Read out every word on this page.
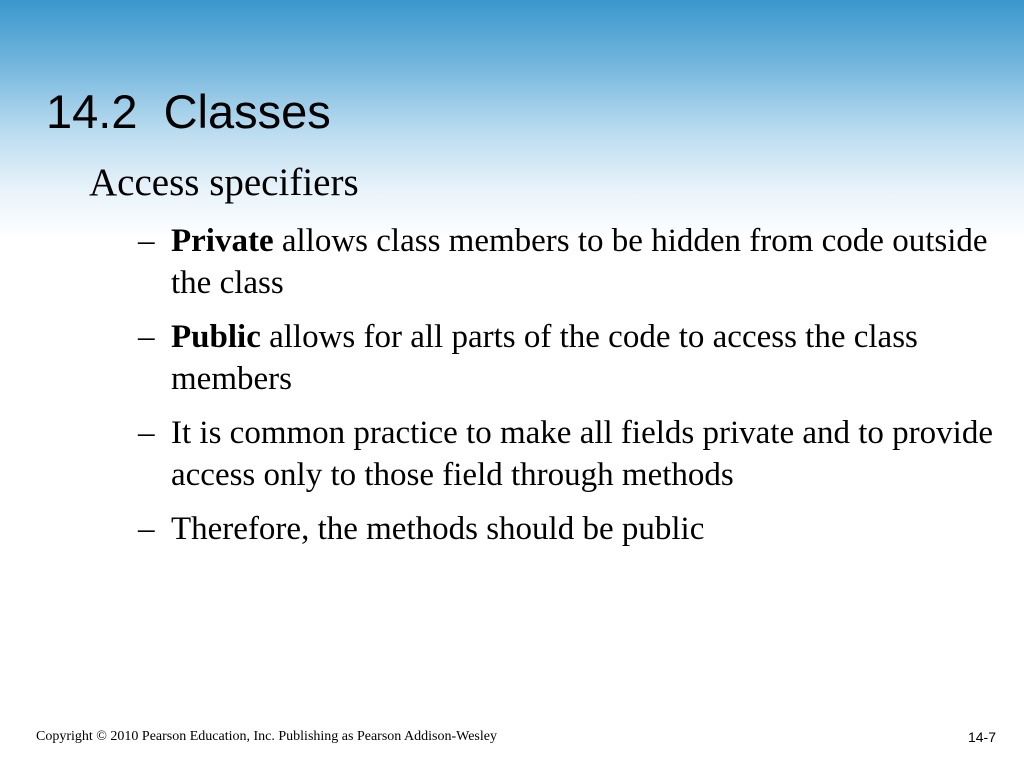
14.2  Classes
Access specifiers
– Private allows class members to be hidden from code outside the class
– Public allows for all parts of the code to access the class members
– It is common practice to make all fields private and to provide access only to those field through methods
– Therefore, the methods should be public
Copyright © 2010 Pearson Education, Inc. Publishing as Pearson Addison-Wesley	14-7
